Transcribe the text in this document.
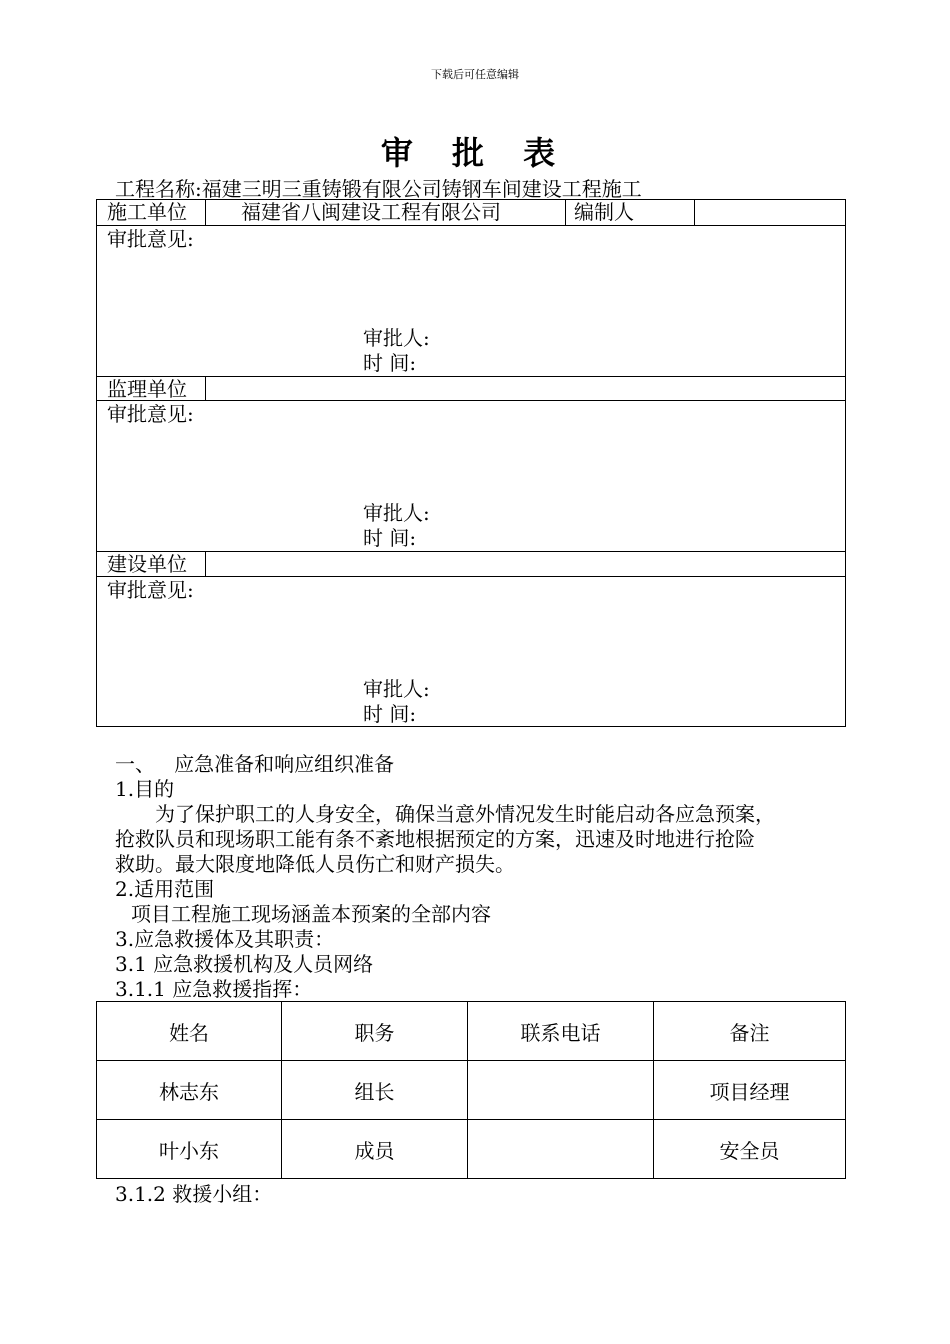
下载后可任意编辑
审 批 表
工程名称:福建三明三重铸锻有限公司铸钢车间建设工程施工
施工单位	福建省八闽建设工程有限公司	编制人
审批意见:
审批人:
时 间:
监理单位
审批意见:
审批人:
时 间:
建设单位
审批意见:
审批人:
时 间:
一、   应急准备和响应组织准备
1.目的
为了保护职工的人身安全，确保当意外情况发生时能启动各应急预案，
抢救队员和现场职工能有条不紊地根据预定的方案，迅速及时地进行抢险
救助。最大限度地降低人员伤亡和财产损失。
2.适用范围
项目工程施工现场涵盖本预案的全部内容
3.应急救援体及其职责：
3.1 应急救援机构及人员网络
3.1.1 应急救援指挥：
姓名	职务	联系电话	备注
林志东	组长		项目经理
叶小东	成员		安全员
3.1.2 救援小组：
